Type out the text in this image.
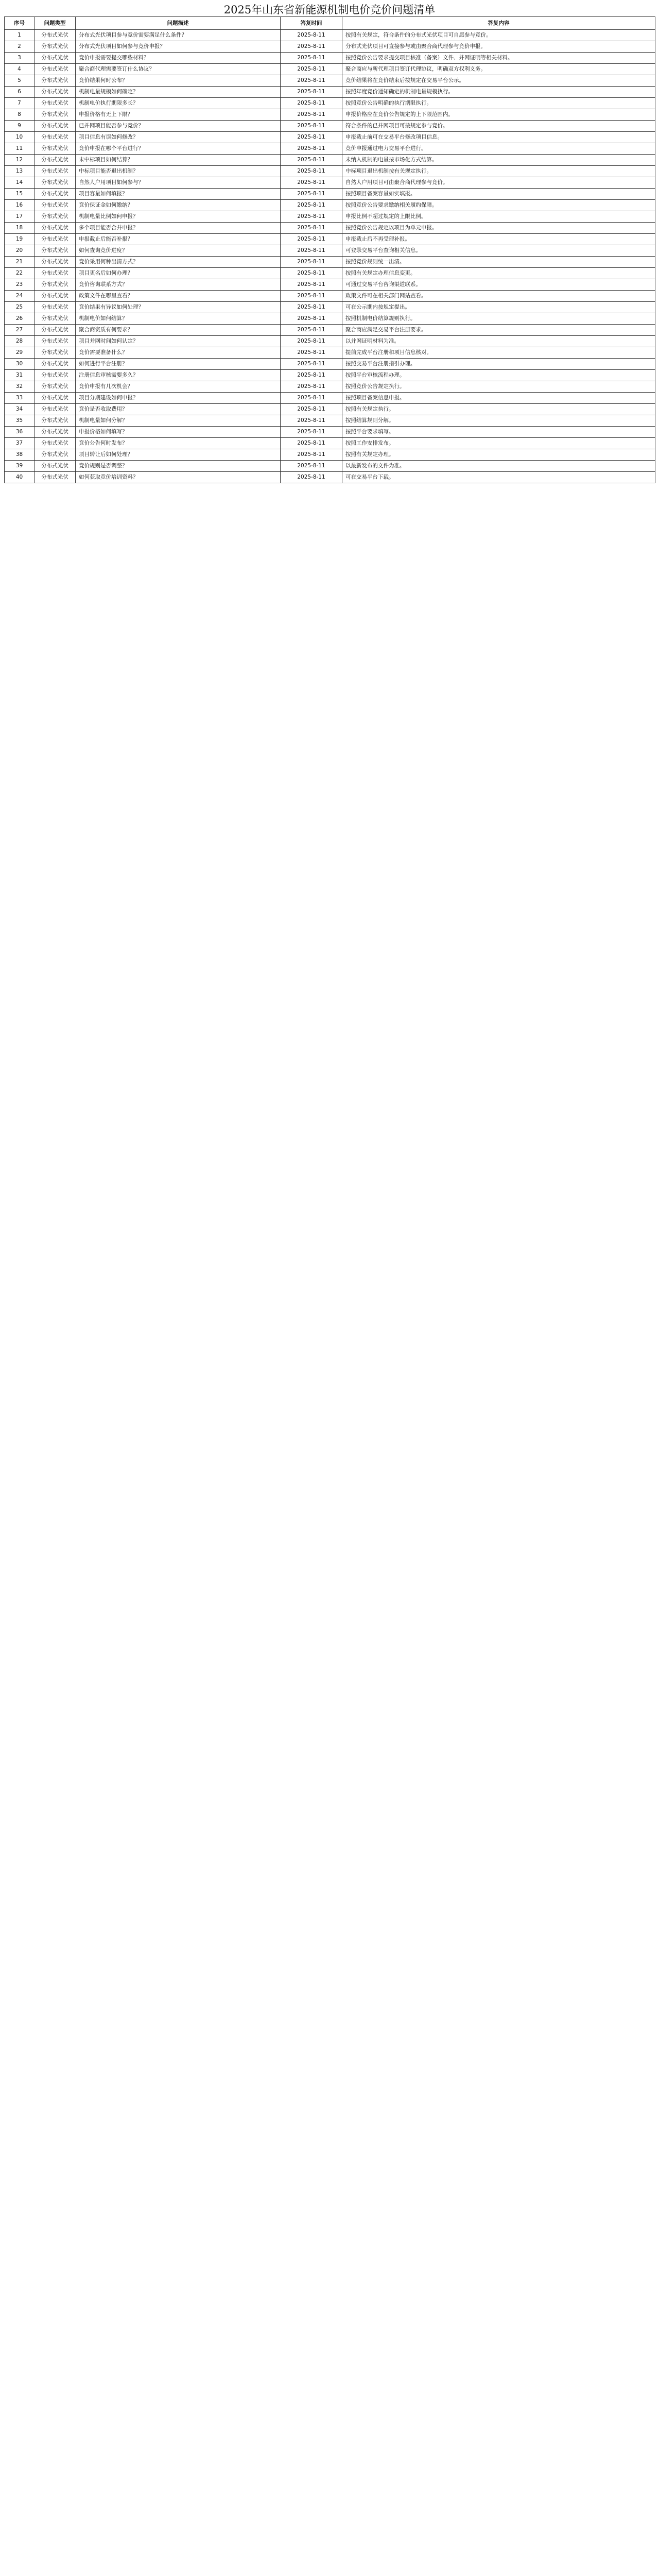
2025年山东省新能源机制电价竞价问题清单
序号	问题类型	问题描述	答复时间	答复内容
1	分布式光伏	分布式光伏项目参与竞价需要满足什么条件？	2025-8-11	按照有关规定，符合条件的分布式光伏项目可自愿参与竞价。
2	分布式光伏	分布式光伏项目如何参与竞价申报？	2025-8-11	分布式光伏项目可直接参与或由聚合商代理参与竞价申报。
3	分布式光伏	竞价申报需要提交哪些材料？	2025-8-11	按照竞价公告要求提交项目核准（备案）文件、并网证明等相关材料。
4	分布式光伏	聚合商代理需要签订什么协议？	2025-8-11	聚合商应与所代理项目签订代理协议，明确双方权利义务。
5	分布式光伏	竞价结果何时公布？	2025-8-11	竞价结果将在竞价结束后按规定在交易平台公示。
6	分布式光伏	机制电量规模如何确定？	2025-8-11	按照年度竞价通知确定的机制电量规模执行。
7	分布式光伏	机制电价执行期限多长？	2025-8-11	按照竞价公告明确的执行期限执行。
8	分布式光伏	申报价格有无上下限？	2025-8-11	申报价格应在竞价公告规定的上下限范围内。
9	分布式光伏	已并网项目能否参与竞价？	2025-8-11	符合条件的已并网项目可按规定参与竞价。
10	分布式光伏	项目信息有误如何修改？	2025-8-11	申报截止前可在交易平台修改项目信息。
11	分布式光伏	竞价申报在哪个平台进行？	2025-8-11	竞价申报通过电力交易平台进行。
12	分布式光伏	未中标项目如何结算？	2025-8-11	未纳入机制的电量按市场化方式结算。
13	分布式光伏	中标项目能否退出机制？	2025-8-11	中标项目退出机制按有关规定执行。
14	分布式光伏	自然人户用项目如何参与？	2025-8-11	自然人户用项目可由聚合商代理参与竞价。
15	分布式光伏	项目容量如何填报？	2025-8-11	按照项目备案容量如实填报。
16	分布式光伏	竞价保证金如何缴纳？	2025-8-11	按照竞价公告要求缴纳相关履约保障。
17	分布式光伏	机制电量比例如何申报？	2025-8-11	申报比例不超过规定的上限比例。
18	分布式光伏	多个项目能否合并申报？	2025-8-11	按照竞价公告规定以项目为单元申报。
19	分布式光伏	申报截止后能否补报？	2025-8-11	申报截止后不再受理补报。
20	分布式光伏	如何查询竞价进度？	2025-8-11	可登录交易平台查询相关信息。
21	分布式光伏	竞价采用何种出清方式？	2025-8-11	按照竞价规则统一出清。
22	分布式光伏	项目更名后如何办理？	2025-8-11	按照有关规定办理信息变更。
23	分布式光伏	竞价咨询联系方式？	2025-8-11	可通过交易平台咨询渠道联系。
24	分布式光伏	政策文件在哪里查看？	2025-8-11	政策文件可在相关部门网站查看。
25	分布式光伏	竞价结果有异议如何处理？	2025-8-11	可在公示期内按规定提出。
26	分布式光伏	机制电价如何结算？	2025-8-11	按照机制电价结算规则执行。
27	分布式光伏	聚合商资质有何要求？	2025-8-11	聚合商应满足交易平台注册要求。
28	分布式光伏	项目并网时间如何认定？	2025-8-11	以并网证明材料为准。
29	分布式光伏	竞价需要准备什么？	2025-8-11	提前完成平台注册和项目信息核对。
30	分布式光伏	如何进行平台注册？	2025-8-11	按照交易平台注册指引办理。
31	分布式光伏	注册信息审核需要多久？	2025-8-11	按照平台审核流程办理。
32	分布式光伏	竞价申报有几次机会？	2025-8-11	按照竞价公告规定执行。
33	分布式光伏	项目分期建设如何申报？	2025-8-11	按照项目备案信息申报。
34	分布式光伏	竞价是否收取费用？	2025-8-11	按照有关规定执行。
35	分布式光伏	机制电量如何分解？	2025-8-11	按照结算规则分解。
36	分布式光伏	申报价格如何填写？	2025-8-11	按照平台要求填写。
37	分布式光伏	竞价公告何时发布？	2025-8-11	按照工作安排发布。
38	分布式光伏	项目转让后如何处理？	2025-8-11	按照有关规定办理。
39	分布式光伏	竞价规则是否调整？	2025-8-11	以最新发布的文件为准。
40	分布式光伏	如何获取竞价培训资料？	2025-8-11	可在交易平台下载。
